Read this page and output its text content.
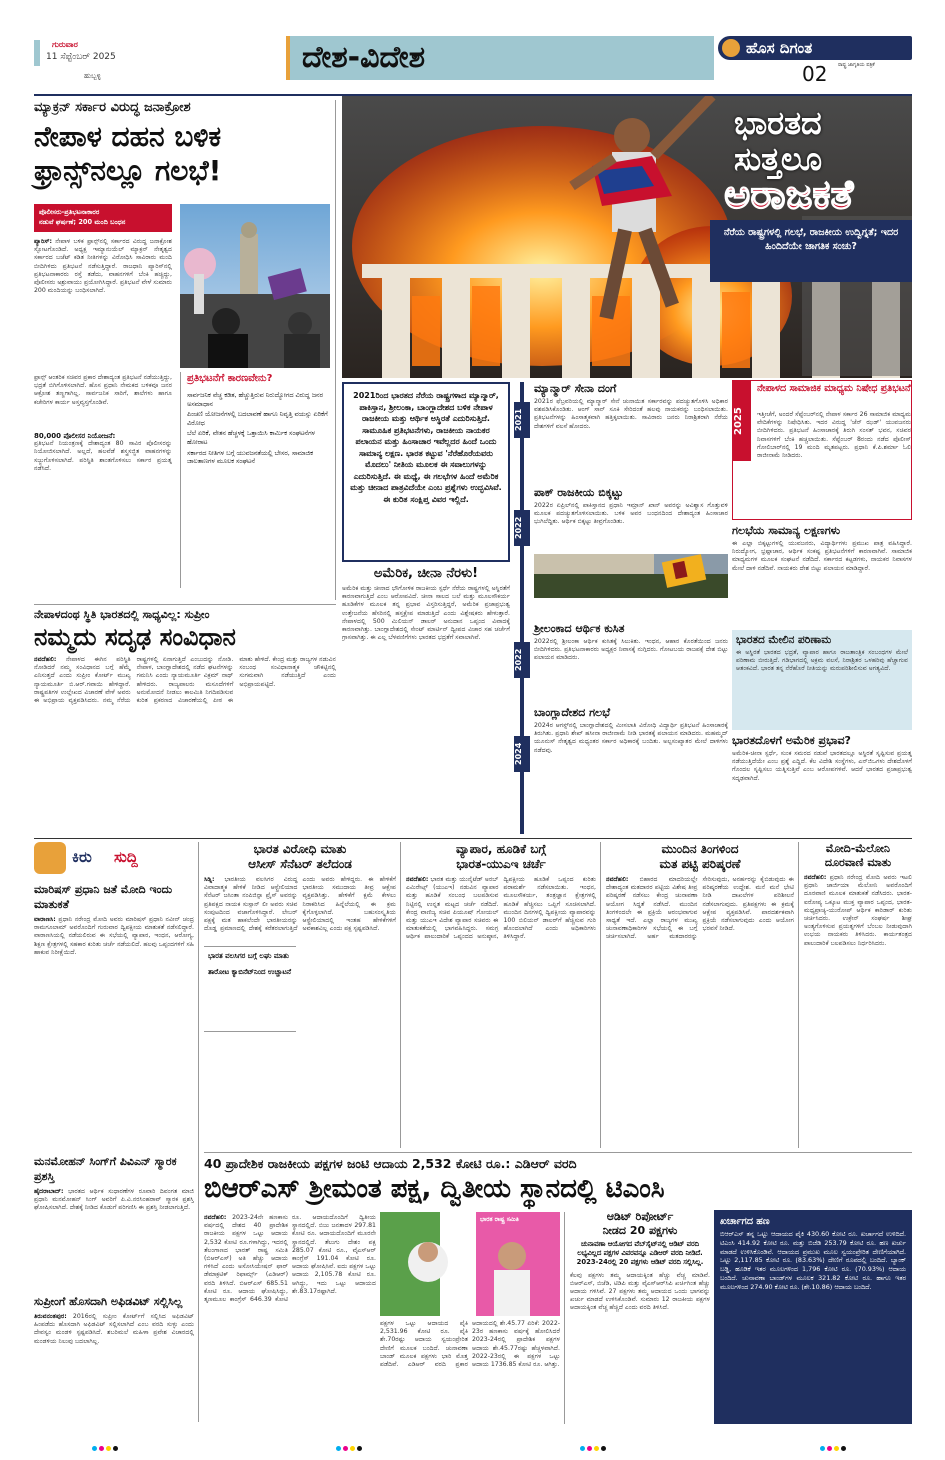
ಗುರುವಾರ
11 ಸೆಪ್ಟೆಂಬರ್ 2025
ಹುಬ್ಬಳ್ಳಿ
ದೇಶ-ವಿದೇಶ	ಹೊಸ ದಿಗಂತ
ರಾಷ್ಟ್ರ ಜಾಗೃತಿಯ ಪತ್ರಿಕೆ
02
ಮ್ಯಾಕ್ರನ್ ಸರ್ಕಾರ ವಿರುದ್ಧ ಜನಾಕ್ರೋಶ
ನೇಪಾಳ ದಹನ ಬಳಿಕ
ಫ್ರಾನ್ಸ್‌ನಲ್ಲೂ ಗಲಭೆ!
ಪೊಲೀಸರು-ಪ್ರತಿಭಟನಾಕಾರರ
ನಡುವೆ ಘರ್ಷಣೆ; 200 ಮಂದಿ ಬಂಧನ
ಪ್ಯಾರಿಸ್: ನೇಪಾಳ ಬಳಿಕ ಫ್ರಾನ್ಸ್‌ನಲ್ಲಿ ಸರ್ಕಾರದ ವಿರುದ್ಧ ಜನಾಕ್ರೋಶ ಸ್ಫೋಟಗೊಂಡಿದೆ. ಅಧ್ಯಕ್ಷ ಇಮ್ಯಾನುಯೆಲ್ ಮ್ಯಾಕ್ರನ್ ನೇತೃತ್ವದ ಸರ್ಕಾರದ ಬಜೆಟ್ ಕಡಿತ ನೀತಿಗಳನ್ನು ವಿರೋಧಿಸಿ ಸಾವಿರಾರು ಮಂದಿ ಬೀದಿಗಿಳಿದು ಪ್ರತಿಭಟನೆ ನಡೆಸುತ್ತಿದ್ದಾರೆ. ರಾಜಧಾನಿ ಪ್ಯಾರಿಸ್‌ನಲ್ಲಿ ಪ್ರತಿಭಟನಾಕಾರರು ರಸ್ತೆ ತಡೆದು, ವಾಹನಗಳಿಗೆ ಬೆಂಕಿ ಹಚ್ಚಿದ್ದು, ಪೊಲೀಸರು ಅಶ್ರುವಾಯು ಪ್ರಯೋಗಿಸಿದ್ದಾರೆ. ಪ್ರತಿಭಟನೆ ವೇಳೆ ಸುಮಾರು 200 ಮಂದಿಯನ್ನು ಬಂಧಿಸಲಾಗಿದೆ.
ಫ್ರಾನ್ಸ್ ಆಂತರಿಕ ಸಚಿವರ ಪ್ರಕಾರ ದೇಶಾದ್ಯಂತ ಪ್ರತಿಭಟನೆ ನಡೆಯುತ್ತಿದ್ದು, ಭದ್ರತೆ ಬಿಗಿಗೊಳಿಸಲಾಗಿದೆ. ಹೊಸ ಪ್ರಧಾನಿ ನೇಮಕದ ಬಳಿಕವೂ ಜನರ ಆಕ್ರೋಶ ತಣ್ಣಗಾಗಿಲ್ಲ. ಸಾರ್ವಜನಿಕ ಸಾರಿಗೆ, ಶಾಲೆಗಳು ಹಾಗೂ ಕಚೇರಿಗಳ ಕಾರ್ಯ ಅಸ್ತವ್ಯಸ್ತಗೊಂಡಿವೆ.
80,000 ಪೊಲೀಸರ ನಿಯೋಜನೆ:
ಪ್ರತಿಭಟನೆ ನಿಯಂತ್ರಣಕ್ಕೆ ದೇಶಾದ್ಯಂತ 80 ಸಾವಿರ ಪೊಲೀಸರನ್ನು ನಿಯೋಜಿಸಲಾಗಿದೆ. ಅಲ್ಲದೆ, ಹಲವೆಡೆ ಶಸ್ತ್ರಸಜ್ಜಿತ ವಾಹನಗಳನ್ನು ಸಜ್ಜುಗೊಳಿಸಲಾಗಿದೆ. ಪರಿಸ್ಥಿತಿ ಶಾಂತಗೊಳಿಸಲು ಸರ್ಕಾರ ಪ್ರಯತ್ನ ನಡೆಸಿದೆ.
ಪ್ರತಿಭಟನೆಗೆ ಕಾರಣವೇನು?
ಸಾರ್ವಜನಿಕ ವೆಚ್ಚ ಕಡಿತ, ಹೆಚ್ಚುತ್ತಿರುವ ನಿರುದ್ಯೋಗದ ವಿರುದ್ಧ ಜನರ ಅಸಮಾಧಾನ
ಪಿಂಚಣಿ ಯೋಜನೆಗಳಲ್ಲಿ ಬದಲಾವಣೆ ಹಾಗೂ ನಿವೃತ್ತಿ ವಯಸ್ಸು ಏರಿಕೆಗೆ ವಿರೋಧ
ಬೆಲೆ ಏರಿಕೆ, ವೇತನ ಹೆಚ್ಚಳಕ್ಕೆ ಒತ್ತಾಯಿಸಿ ಕಾರ್ಮಿಕ ಸಂಘಟನೆಗಳ ಹೋರಾಟ
ಸರ್ಕಾರದ ನೀತಿಗಳ ಬಗ್ಗೆ ಯುವಜನತೆಯಲ್ಲಿ ಬೇಸರ, ಸಾಮಾಜಿಕ ಜಾಲತಾಣಗಳ ಮೂಲಕ ಸಂಘಟನೆ
ಭಾರತದ
ಸುತ್ತಲೂ
ಅರಾಜಕತೆ
ನೆರೆಯ ರಾಷ್ಟ್ರಗಳಲ್ಲಿ ಗಲಭೆ, ರಾಜಕೀಯ ಉದ್ವಿಗ್ನತೆ; ಇದರ ಹಿಂದಿದೆಯೇ ಜಾಗತಿಕ ಸಂಚು?
2021ರಿಂದ ಭಾರತದ ನೆರೆಯ ರಾಷ್ಟ್ರಗಳಾದ ಮ್ಯಾನ್ಮಾರ್, ಪಾಕಿಸ್ತಾನ, ಶ್ರೀಲಂಕಾ, ಬಾಂಗ್ಲಾದೇಶದ ಬಳಿಕ ನೇಪಾಳ ರಾಜಕೀಯ ಮತ್ತು ಆರ್ಥಿಕ ಅಸ್ಥಿರತೆ ಎದುರಿಸುತ್ತಿದೆ. ಸಾಮೂಹಿಕ ಪ್ರತಿಭಟನೆಗಳು, ರಾಜಕೀಯ ನಾಯಕರ ಪಲಾಯನ ಮತ್ತು ಹಿಂಸಾಚಾರ ಇವೆಲ್ಲದರ ಹಿಂದೆ ಒಂದು ಸಾಮಾನ್ಯ ಲಕ್ಷಣ. ಭಾರತ ಕಟ್ಟುವ 'ನೆರೆಹೊರೆಯವರು ಮೊದಲು' ನೀತಿಯ ಮೂಲಕ ಈ ಸವಾಲುಗಳನ್ನು ಎದುರಿಸುತ್ತಿದೆ. ಈ ಮಧ್ಯೆ, ಈ ಗಲಭೆಗಳ ಹಿಂದೆ ಅಮೆರಿಕ ಮತ್ತು ಚೀನಾದ ಪಾತ್ರವಿದೆಯೇ ಎಂಬ ಪ್ರಶ್ನೆಗಳು ಉದ್ಭವಿಸಿವೆ. ಈ ಕುರಿತ ಸಂಕ್ಷಿಪ್ತ ವಿವರ ಇಲ್ಲಿದೆ.
ಅಮೆರಿಕ, ಚೀನಾ ನೆರಳು!
ಅಮೆರಿಕ ಮತ್ತು ಚೀನಾದ ಭೌಗೋಳಿಕ ರಾಜಕೀಯ ಸ್ಪರ್ಧೆ ನೆರೆಯ ರಾಷ್ಟ್ರಗಳಲ್ಲಿ ಅಸ್ಥಿರತೆಗೆ ಕಾರಣವಾಗುತ್ತಿದೆ ಎಂಬ ಆರೋಪವಿದೆ. ಚೀನಾ ಸಾಲದ ಬಲೆ ಮತ್ತು ಮೂಲಸೌಕರ್ಯ ಹೂಡಿಕೆಗಳ ಮೂಲಕ ತನ್ನ ಪ್ರಭಾವ ವಿಸ್ತರಿಸುತ್ತಿದ್ದರೆ, ಅಮೆರಿಕ ಪ್ರಜಾಪ್ರಭುತ್ವ ಉತ್ತೇಜನೆಯ ಹೆಸರಿನಲ್ಲಿ ಹಸ್ತಕ್ಷೇಪ ಮಾಡುತ್ತಿದೆ ಎಂದು ವಿಶ್ಲೇಷಕರು ಹೇಳುತ್ತಾರೆ. ನೇಪಾಳದಲ್ಲಿ 500 ಮಿಲಿಯನ್ ಡಾಲರ್ ಅನುದಾನ ಒಪ್ಪಂದ ವಿವಾದಕ್ಕೆ ಕಾರಣವಾಗಿತ್ತು. ಬಾಂಗ್ಲಾದೇಶದಲ್ಲಿ ಸೇಂಟ್ ಮಾರ್ಟಿನ್ ದ್ವೀಪದ ವಿಚಾರ ಸಹ ಚರ್ಚೆಗೆ ಗ್ರಾಸವಾಗಿತ್ತು. ಈ ಎಲ್ಲ ಬೆಳವಣಿಗೆಗಳು ಭಾರತದ ಭದ್ರತೆಗೆ ಸವಾಲಾಗಿವೆ.
2021
ಮ್ಯಾನ್ಮಾರ್ ಸೇನಾ ದಂಗೆ
2021ರ ಫೆಬ್ರವರಿಯಲ್ಲಿ ಮ್ಯಾನ್ಮಾರ್ ಸೇನೆ ಚುನಾಯಿತ ಸರ್ಕಾರವನ್ನು ಪದಚ್ಯುತಗೊಳಿಸಿ ಅಧಿಕಾರ ವಶಪಡಿಸಿಕೊಂಡಿತು. ಆಂಗ್ ಸಾನ್ ಸೂಕಿ ಸೇರಿದಂತೆ ಹಲವು ನಾಯಕರನ್ನು ಬಂಧಿಸಲಾಯಿತು. ಪ್ರತಿಭಟನೆಗಳನ್ನು ಹಿಂಸಾತ್ಮಕವಾಗಿ ಹತ್ತಿಕ್ಕಲಾಯಿತು. ಸಾವಿರಾರು ಜನರು ನಿರಾಶ್ರಿತರಾಗಿ ನೆರೆಯ ದೇಶಗಳಿಗೆ ವಲಸೆ ಹೋದರು.
2022
ಪಾಕ್ ರಾಜಕೀಯ ಬಿಕ್ಕಟ್ಟು
2022ರ ಏಪ್ರಿಲ್‌ನಲ್ಲಿ ಪಾಕಿಸ್ತಾನದ ಪ್ರಧಾನಿ ಇಮ್ರಾನ್ ಖಾನ್ ಅವರನ್ನು ಅವಿಶ್ವಾಸ ಗೊತ್ತುವಳಿ ಮೂಲಕ ಪದಚ್ಯುತಗೊಳಿಸಲಾಯಿತು. ಬಳಿಕ ಅವರ ಬಂಧನದಿಂದ ದೇಶಾದ್ಯಂತ ಹಿಂಸಾಚಾರ ಭುಗಿಲೆದ್ದಿತು. ಆರ್ಥಿಕ ಬಿಕ್ಕಟ್ಟು ತೀವ್ರಗೊಂಡಿತು.
2022
ಶ್ರೀಲಂಕಾದ ಆರ್ಥಿಕ ಕುಸಿತ
2022ರಲ್ಲಿ ಶ್ರೀಲಂಕಾ ಆರ್ಥಿಕ ಕುಸಿತಕ್ಕೆ ಸಿಲುಕಿತು. ಇಂಧನ, ಆಹಾರ ಕೊರತೆಯಿಂದ ಜನರು ಬೀದಿಗಿಳಿದರು. ಪ್ರತಿಭಟನಾಕಾರರು ಅಧ್ಯಕ್ಷರ ನಿವಾಸಕ್ಕೆ ನುಗ್ಗಿದರು. ಗೋಟಬಯ ರಾಜಪಕ್ಸೆ ದೇಶ ಬಿಟ್ಟು ಪಲಾಯನ ಮಾಡಿದರು.
2024
ಬಾಂಗ್ಲಾದೇಶದ ಗಲಭೆ
2024ರ ಆಗಸ್ಟ್‌ನಲ್ಲಿ ಬಾಂಗ್ಲಾದೇಶದಲ್ಲಿ ಮೀಸಲಾತಿ ವಿರೋಧಿ ವಿದ್ಯಾರ್ಥಿ ಪ್ರತಿಭಟನೆ ಹಿಂಸಾಚಾರಕ್ಕೆ ತಿರುಗಿತು. ಪ್ರಧಾನಿ ಶೇಖ್ ಹಸೀನಾ ರಾಜೀನಾಮೆ ನೀಡಿ ಭಾರತಕ್ಕೆ ಪಲಾಯನ ಮಾಡಿದರು. ಮಹಮ್ಮದ್ ಯೂನುಸ್ ನೇತೃತ್ವದ ಮಧ್ಯಂತರ ಸರ್ಕಾರ ಅಧಿಕಾರಕ್ಕೆ ಬಂದಿತು. ಅಲ್ಪಸಂಖ್ಯಾತರ ಮೇಲೆ ದಾಳಿಗಳು ನಡೆದವು.
2025
ನೇಪಾಳದ ಸಾಮಾಜಿಕ ಮಾಧ್ಯಮ ನಿಷೇಧ ಪ್ರತಿಭಟನೆ
ಇತ್ತೀಚೆಗೆ, ಅಂದರೆ ಸೆಪ್ಟೆಂಬರ್‌ನಲ್ಲಿ ನೇಪಾಳ ಸರ್ಕಾರ 26 ಸಾಮಾಜಿಕ ಮಾಧ್ಯಮ ವೇದಿಕೆಗಳನ್ನು ನಿಷೇಧಿಸಿತು. ಇದರ ವಿರುದ್ಧ 'ಜೆನ್ ಝಡ್' ಯುವಜನರು ಬೀದಿಗಿಳಿದರು. ಪ್ರತಿಭಟನೆ ಹಿಂಸಾಚಾರಕ್ಕೆ ತಿರುಗಿ ಸಂಸತ್ ಭವನ, ಸಚಿವರ ನಿವಾಸಗಳಿಗೆ ಬೆಂಕಿ ಹಚ್ಚಲಾಯಿತು. ಸೆಪ್ಟೆಂಬರ್ 8ರಂದು ನಡೆದ ಪೊಲೀಸ್ ಗೋಲಿಬಾರ್‌ನಲ್ಲಿ 19 ಮಂದಿ ಮೃತಪಟ್ಟರು. ಪ್ರಧಾನಿ ಕೆ.ಪಿ.ಶರ್ಮಾ ಓಲಿ ರಾಜೀನಾಮೆ ನೀಡಿದರು.
ಗಲಭೆಯ ಸಾಮಾನ್ಯ ಲಕ್ಷಣಗಳು
ಈ ಎಲ್ಲಾ ಬಿಕ್ಕಟ್ಟುಗಳಲ್ಲಿ ಯುವಜನರು, ವಿದ್ಯಾರ್ಥಿಗಳು ಪ್ರಮುಖ ಪಾತ್ರ ವಹಿಸಿದ್ದಾರೆ. ನಿರುದ್ಯೋಗ, ಭ್ರಷ್ಟಾಚಾರ, ಆರ್ಥಿಕ ಸಂಕಷ್ಟ ಪ್ರತಿಭಟನೆಗಳಿಗೆ ಕಾರಣವಾಗಿವೆ. ಸಾಮಾಜಿಕ ಮಾಧ್ಯಮಗಳ ಮೂಲಕ ಸಂಘಟನೆ ನಡೆದಿದೆ. ಸರ್ಕಾರದ ಕಟ್ಟಡಗಳು, ನಾಯಕರ ನಿವಾಸಗಳ ಮೇಲೆ ದಾಳಿ ನಡೆದಿವೆ. ನಾಯಕರು ದೇಶ ಬಿಟ್ಟು ಪಲಾಯನ ಮಾಡಿದ್ದಾರೆ.
ಭಾರತದ ಮೇಲಿನ ಪರಿಣಾಮ
ಈ ಅಸ್ಥಿರತೆ ಭಾರತದ ಭದ್ರತೆ, ವ್ಯಾಪಾರ ಹಾಗೂ ರಾಜತಾಂತ್ರಿಕ ಸಂಬಂಧಗಳ ಮೇಲೆ ಪರಿಣಾಮ ಬೀರುತ್ತಿದೆ. ಗಡಿಭಾಗದಲ್ಲಿ ಅಕ್ರಮ ವಲಸೆ, ನಿರಾಶ್ರಿತರ ಒಳಹರಿವು ಹೆಚ್ಚಾಗುವ ಆತಂಕವಿದೆ. ಭಾರತ ತನ್ನ ನೆರೆಹೊರೆ ನೀತಿಯನ್ನು ಮರುಪರಿಶೀಲಿಸುವ ಅಗತ್ಯವಿದೆ.
ಭಾರತದೊಳಗೆ ಅಮೆರಿಕ ಪ್ರಭಾವ?
ಅಮೆರಿಕ-ಚೀನಾ ಸ್ಪರ್ಧೆ, ಸುಂಕ ಸಮರದ ನಡುವೆ ಭಾರತದಲ್ಲೂ ಅಸ್ಥಿರತೆ ಸೃಷ್ಟಿಸುವ ಪ್ರಯತ್ನ ನಡೆಯುತ್ತಿದೆಯೇ ಎಂಬ ಪ್ರಶ್ನೆ ಎದ್ದಿದೆ. ಕೆಲ ವಿದೇಶಿ ಸಂಸ್ಥೆಗಳು, ಎನ್‌ಜಿಒಗಳು ದೇಶದೊಳಗೆ ಗೊಂದಲ ಸೃಷ್ಟಿಸಲು ಯತ್ನಿಸುತ್ತಿವೆ ಎಂಬ ಆರೋಪಗಳಿವೆ. ಆದರೆ ಭಾರತದ ಪ್ರಜಾಪ್ರಭುತ್ವ ಸದೃಢವಾಗಿದೆ.
ನೇಪಾಳದಂಥ ಸ್ಥಿತಿ ಭಾರತದಲ್ಲಿ ಸಾಧ್ಯವಿಲ್ಲ: ಸುಪ್ರೀಂ
ನಮ್ಮದು ಸದೃಢ ಸಂವಿಧಾನ
ನವದೆಹಲಿ: ನೇಪಾಳದ ಈಗಿನ ಪರಿಸ್ಥಿತಿ ನೋಡಿದರೆ ನಮ್ಮ ಸಂವಿಧಾನದ ಬಗ್ಗೆ ಹೆಮ್ಮೆ ಎನಿಸುತ್ತದೆ ಎಂದು ಸುಪ್ರೀಂ ಕೋರ್ಟ್ ಮುಖ್ಯ ನ್ಯಾಯಮೂರ್ತಿ ಬಿ.ಆರ್.ಗವಾಯಿ ಹೇಳಿದ್ದಾರೆ. ರಾಷ್ಟ್ರಪತಿಗಳ ಉಲ್ಲೇಖದ ವಿಚಾರಣೆ ವೇಳೆ ಅವರು ಈ ಅಭಿಪ್ರಾಯ ವ್ಯಕ್ತಪಡಿಸಿದರು. ನಮ್ಮ ನೆರೆಯ ರಾಷ್ಟ್ರಗಳಲ್ಲಿ ಏನಾಗುತ್ತಿದೆ ಎಂಬುದನ್ನು ನೋಡಿ. ನೇಪಾಳ, ಬಾಂಗ್ಲಾದೇಶದಲ್ಲಿ ನಡೆದ ಘಟನೆಗಳನ್ನು ಗಮನಿಸಿ ಎಂದು ನ್ಯಾಯಮೂರ್ತಿ ವಿಕ್ರಮ್ ನಾಥ್ ಹೇಳಿದರು. ರಾಜ್ಯಪಾಲರು ಮಸೂದೆಗಳಿಗೆ ಅನುಮೋದನೆ ನೀಡಲು ಕಾಲಮಿತಿ ನಿಗದಿಪಡಿಸುವ ಕುರಿತ ಪ್ರಕರಣದ ವಿಚಾರಣೆಯಲ್ಲಿ ಪೀಠ ಈ ಮಾತು ಹೇಳಿದೆ. ಕೇಂದ್ರ ಮತ್ತು ರಾಜ್ಯಗಳ ನಡುವಿನ ಸಂಬಂಧ ಸಂವಿಧಾನಾತ್ಮಕ ಚೌಕಟ್ಟಿನಲ್ಲಿ ಸುಗಮವಾಗಿ ನಡೆಯುತ್ತಿದೆ ಎಂದು ಅಭಿಪ್ರಾಯಪಟ್ಟಿದೆ.
ಕಿರು ಸುದ್ದಿ
ಮಾರಿಷಸ್ ಪ್ರಧಾನಿ ಜತೆ ಮೋದಿ ಇಂದು ಮಾತುಕತೆ
ವಾರಾಣಸಿ: ಪ್ರಧಾನಿ ನರೇಂದ್ರ ಮೋದಿ ಅವರು ಮಾರಿಷಸ್ ಪ್ರಧಾನಿ ನವೀನ್ ಚಂದ್ರ ರಾಮಗೂಲಾಮ್ ಅವರೊಂದಿಗೆ ಗುರುವಾರ ದ್ವಿಪಕ್ಷೀಯ ಮಾತುಕತೆ ನಡೆಸಲಿದ್ದಾರೆ. ವಾರಾಣಸಿಯಲ್ಲಿ ನಡೆಯಲಿರುವ ಈ ಸಭೆಯಲ್ಲಿ ವ್ಯಾಪಾರ, ಇಂಧನ, ಆರೋಗ್ಯ, ಶಿಕ್ಷಣ ಕ್ಷೇತ್ರಗಳಲ್ಲಿ ಸಹಕಾರ ಕುರಿತು ಚರ್ಚೆ ನಡೆಯಲಿದೆ. ಹಲವು ಒಪ್ಪಂದಗಳಿಗೆ ಸಹಿ ಹಾಕುವ ನಿರೀಕ್ಷೆಯಿದೆ.
ಮನಮೋಹನ್ ಸಿಂಗ್‌ಗೆ ಪಿವಿಎನ್ ಸ್ಮಾರಕ ಪ್ರಶಸ್ತಿ
ಹೈದರಾಬಾದ್: ಭಾರತದ ಆರ್ಥಿಕ ಸುಧಾರಣೆಗಳ ರೂವಾರಿ ದಿವಂಗತ ಮಾಜಿ ಪ್ರಧಾನಿ ಮನಮೋಹನ್ ಸಿಂಗ್ ಅವರಿಗೆ ಪಿ.ವಿ.ನರಸಿಂಹರಾವ್ ಸ್ಮಾರಕ ಪ್ರಶಸ್ತಿ ಘೋಷಿಸಲಾಗಿದೆ. ದೇಶಕ್ಕೆ ನೀಡಿದ ಕೊಡುಗೆ ಪರಿಗಣಿಸಿ ಈ ಪ್ರಶಸ್ತಿ ನೀಡಲಾಗುತ್ತಿದೆ.
ಸುಪ್ರೀಂಗೆ ಹೊಸದಾಗಿ ಅಫಿಡವಿಟ್ ಸಲ್ಲಿಸಿಲ್ಲ
ತಿರುವನಂತಪುರ: 2016ರಲ್ಲಿ ಸುಪ್ರೀಂ ಕೋರ್ಟ್‌ಗೆ ಸಲ್ಲಿಸಿದ ಅಫಿಡವಿಟ್ ಹಿಂಪಡೆದು ಹೊಸದಾಗಿ ಅಫಿಡವಿಟ್ ಸಲ್ಲಿಸಲಾಗಿದೆ ಎಂಬ ವರದಿ ಸುಳ್ಳು ಎಂದು ದೇವಸ್ವಂ ಮಂಡಳಿ ಸ್ಪಷ್ಟಪಡಿಸಿದೆ. ಶಬರಿಮಲೆ ಮಹಿಳಾ ಪ್ರವೇಶ ವಿಚಾರದಲ್ಲಿ ಮಂಡಳಿಯ ನಿಲುವು ಬದಲಾಗಿಲ್ಲ.
ಭಾರತ ವಿರೋಧಿ ಮಾತು
ಆಸೀಸ್ ಸೆನೆಟರ್ ತಲೆದಂಡ
ಸಿಡ್ನಿ: ಭಾರತೀಯ ವಲಸಿಗರ ವಿರುದ್ಧ ವಿವಾದಾತ್ಮಕ ಹೇಳಿಕೆ ನೀಡಿದ ಆಸ್ಟ್ರೇಲಿಯಾದ ಸೆನೆಟರ್ ಜಸಿಂತಾ ನಂಪಿಜಿನ್ಪಾ ಪ್ರೈಸ್ ಅವರನ್ನು ಪ್ರತಿಪಕ್ಷದ ನಾಯಕ ಸುಸ್ಸಾನ್ ಲೀ ಅವರು ಸಚಿವ ಸಂಪುಟದಿಂದ ವಜಾಗೊಳಿಸಿದ್ದಾರೆ. ಲೇಬರ್ ಪಕ್ಷಕ್ಕೆ ಮತ ಹಾಕಲೆಂದೇ ಭಾರತೀಯರನ್ನು ದೊಡ್ಡ ಪ್ರಮಾಣದಲ್ಲಿ ದೇಶಕ್ಕೆ ಕರೆತರಲಾಗುತ್ತಿದೆ ಎಂದು ಅವರು ಹೇಳಿದ್ದರು. ಈ ಹೇಳಿಕೆಗೆ ಭಾರತೀಯ ಸಮುದಾಯ ತೀವ್ರ ಆಕ್ಷೇಪ ವ್ಯಕ್ತಪಡಿಸಿತ್ತು. ಹೇಳಿಕೆಗೆ ಕ್ಷಮೆ ಕೇಳಲು ನಿರಾಕರಿಸಿದ ಹಿನ್ನೆಲೆಯಲ್ಲಿ ಈ ಕ್ರಮ ಕೈಗೊಳ್ಳಲಾಗಿದೆ. ಬಹುಸಂಸ್ಕೃತಿಯ ಆಸ್ಟ್ರೇಲಿಯಾದಲ್ಲಿ ಇಂತಹ ಹೇಳಿಕೆಗಳಿಗೆ ಅವಕಾಶವಿಲ್ಲ ಎಂದು ಪಕ್ಷ ಸ್ಪಷ್ಟಪಡಿಸಿದೆ.
ಭಾರತ ವಲಸಿಗರ ಬಗ್ಗೆ ಲಘು ಮಾತು
ತಾರೋಟ ಕ್ಯಾಬಿನೆಟ್‌ನಿಂದ ಉಚ್ಚಾಟನೆ
ವ್ಯಾಪಾರ, ಹೂಡಿಕೆ ಬಗ್ಗೆ
ಭಾರತ-ಯುಎಇ ಚರ್ಚೆ
ನವದೆಹಲಿ: ಭಾರತ ಮತ್ತು ಯುನೈಟೆಡ್ ಅರಬ್ ಎಮಿರೇಟ್ಸ್ (ಯುಎಇ) ನಡುವಿನ ವ್ಯಾಪಾರ ಮತ್ತು ಹೂಡಿಕೆ ಸಂಬಂಧ ಬಲಪಡಿಸುವ ನಿಟ್ಟಿನಲ್ಲಿ ಉನ್ನತ ಮಟ್ಟದ ಚರ್ಚೆ ನಡೆದಿದೆ. ಕೇಂದ್ರ ವಾಣಿಜ್ಯ ಸಚಿವ ಪಿಯೂಷ್ ಗೋಯಲ್ ಮತ್ತು ಯುಎಇ ವಿದೇಶ ವ್ಯಾಪಾರ ಸಚಿವರು ಈ ಮಾತುಕತೆಯಲ್ಲಿ ಭಾಗವಹಿಸಿದ್ದರು. ಸಮಗ್ರ ಆರ್ಥಿಕ ಪಾಲುದಾರಿಕೆ ಒಪ್ಪಂದದ ಅನುಷ್ಠಾನ, ದ್ವಿಪಕ್ಷೀಯ ಹೂಡಿಕೆ ಒಪ್ಪಂದ ಕುರಿತು ಪರಾಮರ್ಶೆ ನಡೆಸಲಾಯಿತು. ಇಂಧನ, ಮೂಲಸೌಕರ್ಯ, ತಂತ್ರಜ್ಞಾನ ಕ್ಷೇತ್ರಗಳಲ್ಲಿ ಹೂಡಿಕೆ ಹೆಚ್ಚಿಸಲು ಒಪ್ಪಿಗೆ ಸೂಚಿಸಲಾಗಿದೆ. ಮುಂದಿನ ದಿನಗಳಲ್ಲಿ ದ್ವಿಪಕ್ಷೀಯ ವ್ಯಾಪಾರವನ್ನು 100 ಬಿಲಿಯನ್ ಡಾಲರ್‌ಗೆ ಹೆಚ್ಚಿಸುವ ಗುರಿ ಹೊಂದಲಾಗಿದೆ ಎಂದು ಅಧಿಕಾರಿಗಳು ತಿಳಿಸಿದ್ದಾರೆ.
ಮುಂದಿನ ತಿಂಗಳಿಂದ
ಮತ ಪಟ್ಟಿ ಪರಿಷ್ಕರಣೆ
ನವದೆಹಲಿ: ಬಿಹಾರದ ಮಾದರಿಯಲ್ಲೇ ದೇಶಾದ್ಯಂತ ಮತದಾರರ ಪಟ್ಟಿಯ ವಿಶೇಷ ತೀವ್ರ ಪರಿಷ್ಕರಣೆ ನಡೆಸಲು ಕೇಂದ್ರ ಚುನಾವಣಾ ಆಯೋಗ ಸಿದ್ಧತೆ ನಡೆಸಿದೆ. ಮುಂದಿನ ತಿಂಗಳಿಂದಲೇ ಈ ಪ್ರಕ್ರಿಯೆ ಆರಂಭವಾಗುವ ಸಾಧ್ಯತೆ ಇದೆ. ಎಲ್ಲಾ ರಾಜ್ಯಗಳ ಮುಖ್ಯ ಚುನಾವಣಾಧಿಕಾರಿಗಳ ಸಭೆಯಲ್ಲಿ ಈ ಬಗ್ಗೆ ಚರ್ಚಿಸಲಾಗಿದೆ. ಅರ್ಹ ಮತದಾರರನ್ನು ಸೇರಿಸುವುದು, ಅನರ್ಹರನ್ನು ಕೈಬಿಡುವುದು ಈ ಪರಿಷ್ಕರಣೆಯ ಉದ್ದೇಶ. ಮನೆ ಮನೆ ಭೇಟಿ ನೀಡಿ ದಾಖಲೆಗಳ ಪರಿಶೀಲನೆ ನಡೆಸಲಾಗುವುದು. ಪ್ರತಿಪಕ್ಷಗಳು ಈ ಕ್ರಮಕ್ಕೆ ಆಕ್ಷೇಪ ವ್ಯಕ್ತಪಡಿಸಿವೆ. ಪಾರದರ್ಶಕವಾಗಿ ಪ್ರಕ್ರಿಯೆ ನಡೆಸಲಾಗುವುದು ಎಂದು ಆಯೋಗ ಭರವಸೆ ನೀಡಿದೆ.
ಮೋದಿ-ಮೆಲೋನಿ
ದೂರವಾಣಿ ಮಾತು
ನವದೆಹಲಿ: ಪ್ರಧಾನಿ ನರೇಂದ್ರ ಮೋದಿ ಅವರು ಇಟಲಿ ಪ್ರಧಾನಿ ಜಾರ್ಜಿಯಾ ಮೆಲೋನಿ ಅವರೊಂದಿಗೆ ದೂರವಾಣಿ ಮೂಲಕ ಮಾತುಕತೆ ನಡೆಸಿದರು. ಭಾರತ-ಐರೋಪ್ಯ ಒಕ್ಕೂಟ ಮುಕ್ತ ವ್ಯಾಪಾರ ಒಪ್ಪಂದ, ಭಾರತ-ಮಧ್ಯಪ್ರಾಚ್ಯ-ಯುರೋಪ್ ಆರ್ಥಿಕ ಕಾರಿಡಾರ್ ಕುರಿತು ಚರ್ಚಿಸಿದರು. ಉಕ್ರೇನ್ ಸಂಘರ್ಷ ಶೀಘ್ರ ಅಂತ್ಯಗೊಳಿಸುವ ಪ್ರಯತ್ನಗಳಿಗೆ ಬೆಂಬಲ ನೀಡುವುದಾಗಿ ಉಭಯ ನಾಯಕರು ತಿಳಿಸಿದರು. ಕಾರ್ಯತಂತ್ರದ ಪಾಲುದಾರಿಕೆ ಬಲಪಡಿಸಲು ನಿರ್ಧರಿಸಿದರು.
40 ಪ್ರಾದೇಶಿಕ ರಾಜಕೀಯ ಪಕ್ಷಗಳ ಜಂಟಿ ಆದಾಯ 2,532 ಕೋಟಿ ರೂ.: ಎಡಿಆರ್ ವರದಿ
ಬಿಆರ್‌ಎಸ್ ಶ್ರೀಮಂತ ಪಕ್ಷ, ದ್ವಿತೀಯ ಸ್ಥಾನದಲ್ಲಿ ಟಿಎಂಸಿ
ನವದೆಹಲಿ: 2023-24ನೇ ಹಣಕಾಸು ವರ್ಷದಲ್ಲಿ ದೇಶದ 40 ಪ್ರಾದೇಶಿಕ ರಾಜಕೀಯ ಪಕ್ಷಗಳ ಒಟ್ಟು ಆದಾಯ 2,532 ಕೋಟಿ ರೂ.ಗಳಾಗಿದ್ದು, ಇದರಲ್ಲಿ ತೆಲಂಗಾಣದ ಭಾರತ್ ರಾಷ್ಟ್ರ ಸಮಿತಿ (ಬಿಆರ್‌ಎಸ್) ಅತಿ ಹೆಚ್ಚು ಆದಾಯ ಗಳಿಸಿದೆ ಎಂದು ಅಸೋಸಿಯೇಷನ್ ಫಾರ್ ಡೆಮಾಕ್ರಟಿಕ್ ರಿಫಾರ್ಮ್ಸ್ (ಎಡಿಆರ್) ವರದಿ ತಿಳಿಸಿದೆ. ಬಿಆರ್‌ಎಸ್ 685.51 ಕೋಟಿ ರೂ. ಆದಾಯ ಘೋಷಿಸಿದ್ದು, ತೃಣಮೂಲ ಕಾಂಗ್ರೆಸ್ 646.39 ಕೋಟಿ ರೂ. ಆದಾಯದೊಂದಿಗೆ ದ್ವಿತೀಯ ಸ್ಥಾನದಲ್ಲಿದೆ. ಬಿಜು ಜನತಾದಳ 297.81 ಕೋಟಿ ರೂ. ಆದಾಯದೊಂದಿಗೆ ಮೂರನೇ ಸ್ಥಾನದಲ್ಲಿದೆ. ತೆಲುಗು ದೇಶಂ ಪಕ್ಷ 285.07 ಕೋಟಿ ರೂ., ವೈಎಸ್‌ಆರ್ ಕಾಂಗ್ರೆಸ್ 191.04 ಕೋಟಿ ರೂ. ಆದಾಯ ಘೋಷಿಸಿವೆ. ಐದು ಪಕ್ಷಗಳ ಒಟ್ಟು ಆದಾಯ 2,105.78 ಕೋಟಿ ರೂ. ಆಗಿದ್ದು, ಇದು ಒಟ್ಟು ಆದಾಯದ ಶೇ.83.17ರಷ್ಟಾಗಿದೆ.
ಭಾರತ ರಾಷ್ಟ್ರ ಸಮಿತಿ
ಪಕ್ಷಗಳ ಒಟ್ಟು ಆದಾಯದ ಪೈಕಿ 2,531.96 ಕೋಟಿ ರೂ. ಪೈಕಿ ಶೇ.70ರಷ್ಟು ಆದಾಯ ಸ್ವಯಂಪ್ರೇರಿತ ದೇಣಿಗೆ ಮೂಲಕ ಬಂದಿದೆ. ಚುನಾವಣಾ ಬಾಂಡ್ ಮೂಲಕ ಪಕ್ಷಗಳು ಭಾರಿ ಮೊತ್ತ ಪಡೆದಿವೆ. ಎಡಿಆರ್ ವರದಿ ಪ್ರಕಾರ ಆದಾಯದಲ್ಲಿ ಶೇ.45.77 ಏರಿಕೆ: 2022-23ರ ಹಣಕಾಸು ವರ್ಷಕ್ಕೆ ಹೋಲಿಸಿದರೆ 2023-24ರಲ್ಲಿ ಪ್ರಾದೇಶಿಕ ಪಕ್ಷಗಳ ಆದಾಯ ಶೇ.45.77ರಷ್ಟು ಹೆಚ್ಚಳವಾಗಿದೆ. 2022-23ರಲ್ಲಿ ಈ ಪಕ್ಷಗಳ ಒಟ್ಟು ಆದಾಯ 1736.85 ಕೋಟಿ ರೂ. ಆಗಿತ್ತು.
ಆಡಿಟ್ ರಿಪೋರ್ಟ್
ನೀಡದ 20 ಪಕ್ಷಗಳು
ಚುನಾವಣಾ ಆಯೋಗದ ವೆಬ್‌ಸೈಟ್‌ನಲ್ಲಿ ಆಡಿಟ್ ವರದಿ ಲಭ್ಯವಿಲ್ಲದ ಪಕ್ಷಗಳ ವಿವರವನ್ನೂ ಎಡಿಆರ್ ವರದಿ ನೀಡಿದೆ. 2023-24ರಲ್ಲಿ 20 ಪಕ್ಷಗಳು ಆಡಿಟ್ ವರದಿ ಸಲ್ಲಿಸಿಲ್ಲ.
ಕೆಲವು ಪಕ್ಷಗಳು ತಮ್ಮ ಆದಾಯಕ್ಕಿಂತ ಹೆಚ್ಚು ವೆಚ್ಚ ಮಾಡಿವೆ. ಬಿಆರ್‌ಎಸ್, ಬಿಜೆಡಿ, ಟಿಡಿಪಿ ಮತ್ತು ವೈಎಸ್‌ಆರ್‌ಸಿಪಿ ಖರ್ಚಿಗಿಂತ ಹೆಚ್ಚು ಆದಾಯ ಗಳಿಸಿವೆ. 27 ಪಕ್ಷಗಳು ತಮ್ಮ ಆದಾಯದ ಒಂದು ಭಾಗವನ್ನು ಖರ್ಚು ಮಾಡದೆ ಉಳಿಸಿಕೊಂಡಿವೆ. ಸುಮಾರು 12 ರಾಜಕೀಯ ಪಕ್ಷಗಳ ಆದಾಯಕ್ಕಿಂತ ವೆಚ್ಚ ಹೆಚ್ಚಿದೆ ಎಂದು ವರದಿ ತಿಳಿಸಿದೆ.
ಖರ್ಚಾಗದ ಹಣ
ಬಿಆರ್‌ಎಸ್ ತನ್ನ ಒಟ್ಟು ಆದಾಯದ ಪೈಕಿ 430.60 ಕೋಟಿ ರೂ. ಖರ್ಚಾಗದೆ ಉಳಿದಿದೆ. ಟಿಎಂಸಿ 414.92 ಕೋಟಿ ರೂ. ಮತ್ತು ಬಿಜೆಡಿ 253.79 ಕೋಟಿ ರೂ. ಹಣ ಖರ್ಚು ಮಾಡದೆ ಉಳಿಸಿಕೊಂಡಿವೆ. ಆದಾಯದ ಪ್ರಮುಖ ಮೂಲ ಸ್ವಯಂಪ್ರೇರಿತ ದೇಣಿಗೆಯಾಗಿದೆ. ಒಟ್ಟು 2,117.85 ಕೋಟಿ ರೂ. (83.63%) ದೇಣಿಗೆ ರೂಪದಲ್ಲಿ ಬಂದಿದೆ. ಬ್ಯಾಂಕ್ ಬಡ್ಡಿ, ಹೂಡಿಕೆ ಇತರ ಮೂಲಗಳಿಂದ 1,796 ಕೋಟಿ ರೂ. (70.93%) ಆದಾಯ ಬಂದಿದೆ. ಚುನಾವಣಾ ಬಾಂಡ್‌ಗಳ ಮೂಲಕ 321.82 ಕೋಟಿ ರೂ. ಹಾಗೂ ಇತರ ಮೂಲಗಳಿಂದ 274.90 ಕೋಟಿ ರೂ. (ಶೇ.10.86) ಆದಾಯ ಬಂದಿದೆ.
